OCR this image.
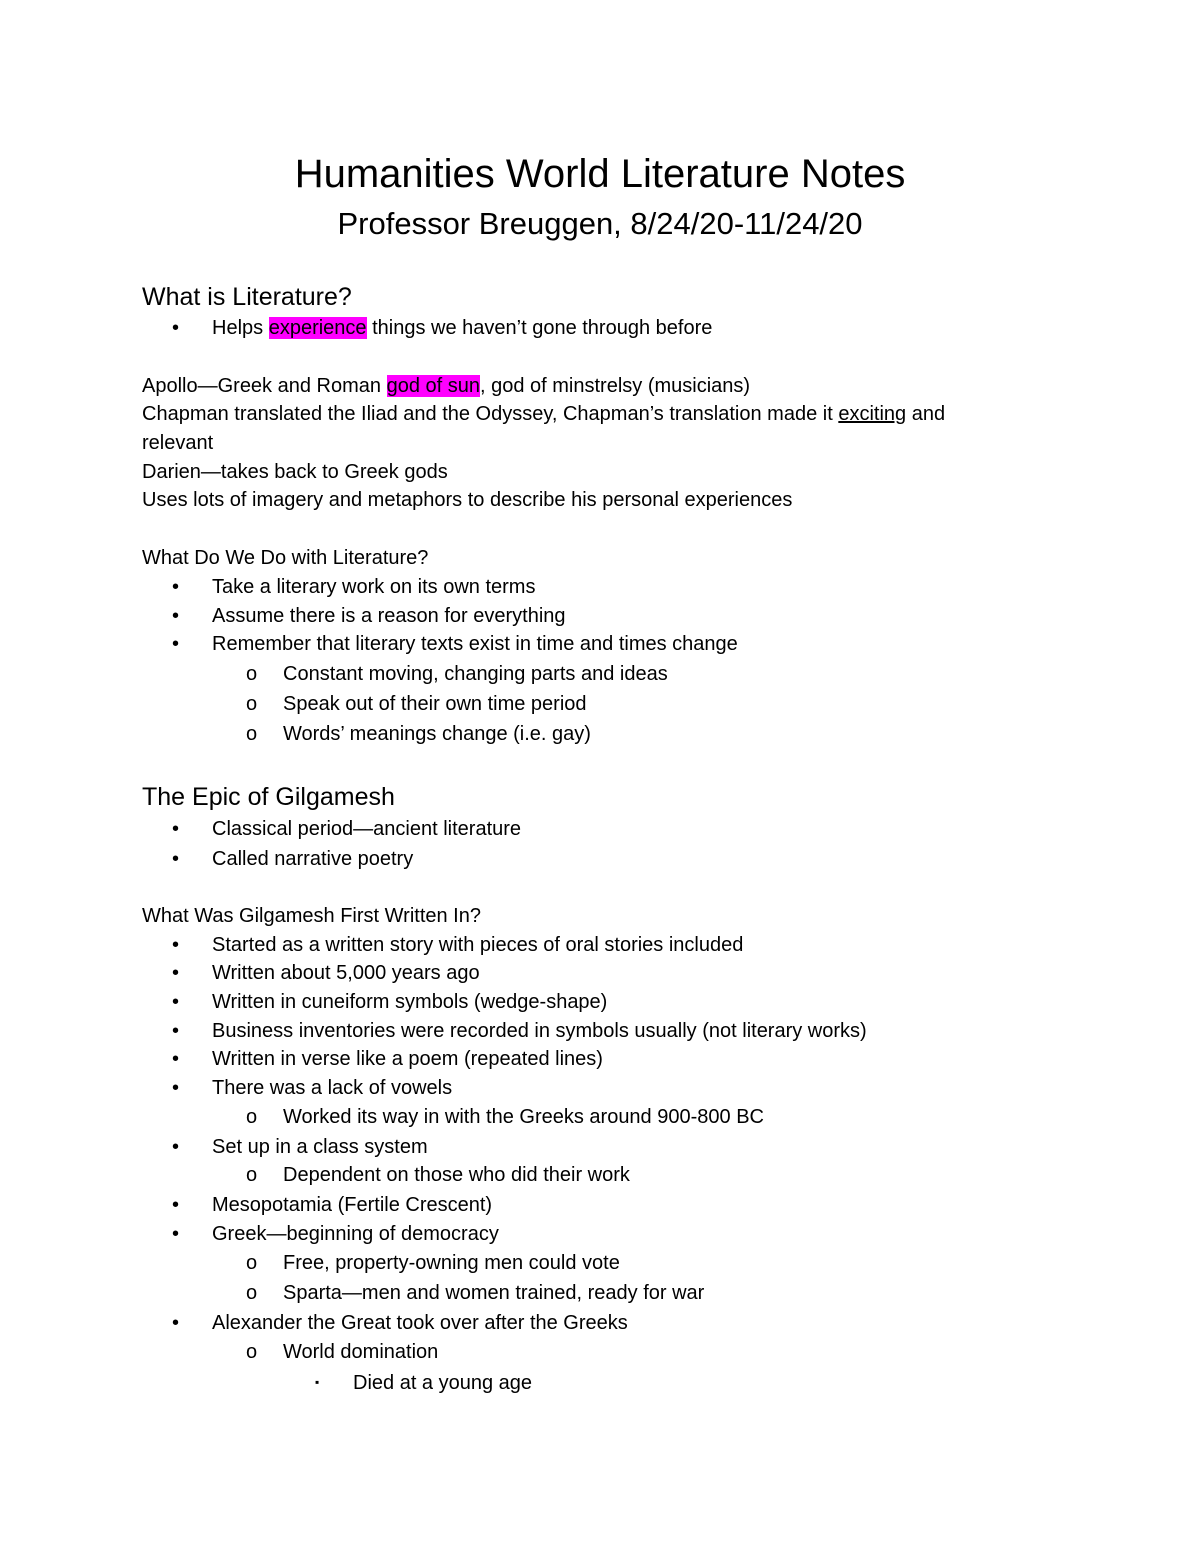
Humanities World Literature Notes
Professor Breuggen, 8/24/20-11/24/20
What is Literature?
• Helps experience things we haven’t gone through before
Apollo—Greek and Roman god of sun, god of minstrelsy (musicians)
Chapman translated the Iliad and the Odyssey, Chapman’s translation made it exciting and
relevant
Darien—takes back to Greek gods
Uses lots of imagery and metaphors to describe his personal experiences
What Do We Do with Literature?
• Take a literary work on its own terms
• Assume there is a reason for everything
• Remember that literary texts exist in time and times change
o Constant moving, changing parts and ideas
o Speak out of their own time period
o Words’ meanings change (i.e. gay)
The Epic of Gilgamesh
• Classical period—ancient literature
• Called narrative poetry
What Was Gilgamesh First Written In?
• Started as a written story with pieces of oral stories included
• Written about 5,000 years ago
• Written in cuneiform symbols (wedge-shape)
• Business inventories were recorded in symbols usually (not literary works)
• Written in verse like a poem (repeated lines)
• There was a lack of vowels
o Worked its way in with the Greeks around 900-800 BC
• Set up in a class system
o Dependent on those who did their work
• Mesopotamia (Fertile Crescent)
• Greek—beginning of democracy
o Free, property-owning men could vote
o Sparta—men and women trained, ready for war
• Alexander the Great took over after the Greeks
o World domination
▪ Died at a young age
